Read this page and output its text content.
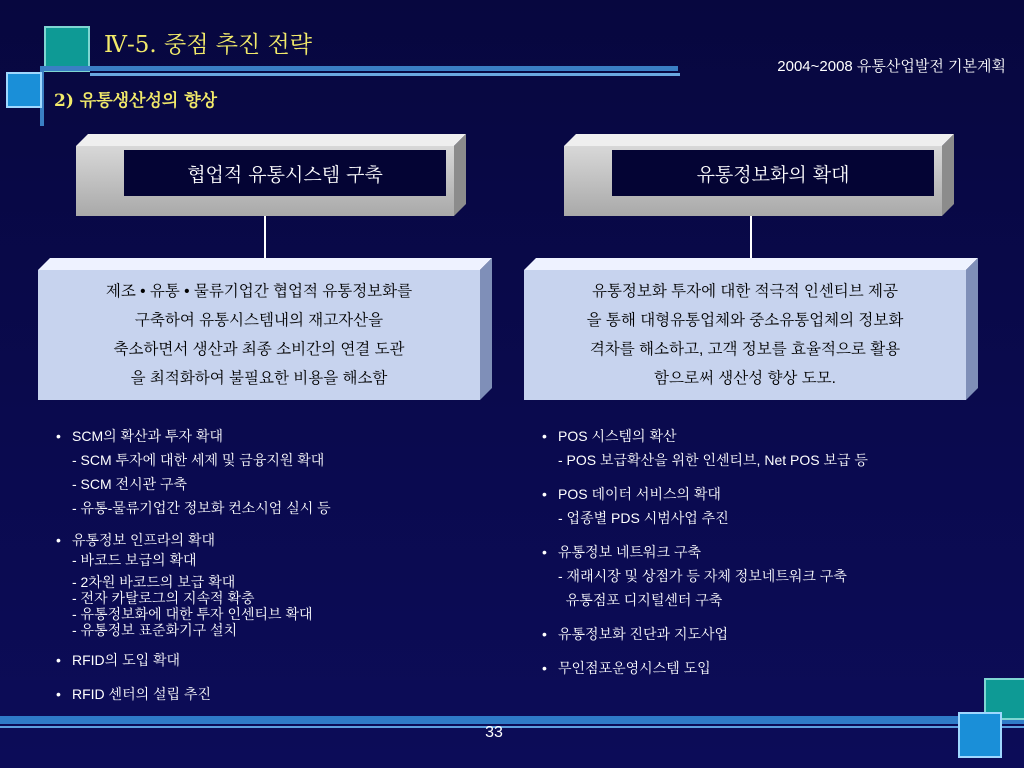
Ⅳ-5. 중점 추진 전략
2004~2008 유통산업발전 기본계획
2) 유통생산성의 향상
협업적 유통시스템 구축	유통정보화의 확대
제조 • 유통 • 물류기업간 협업적 유통정보화를
구축하여 유통시스템내의 재고자산을
축소하면서 생산과 최종 소비간의 연결 도관
을 최적화하여 불필요한 비용을 해소함
유통정보화 투자에 대한 적극적 인센티브 제공
을 통해 대형유통업체와 중소유통업체의 정보화
격차를 해소하고, 고객 정보를 효율적으로 활용
함으로써 생산성 향상 도모.
• SCM의 확산과 투자 확대
- SCM 투자에 대한 세제 및 금융지원 확대
- SCM 전시관 구축
- 유통-물류기업간 정보화 컨소시엄 실시 등
• 유통정보 인프라의 확대
- 바코드 보급의 확대
- 2차원 바코드의 보급 확대
- 전자 카탈로그의 지속적 확충
- 유통정보화에 대한 투자 인센티브 확대
- 유통정보 표준화기구 설치
• RFID의 도입 확대
• RFID 센터의 설립 추진
• POS 시스템의 확산
- POS 보급확산을 위한 인센티브, Net POS 보급 등
• POS 데이터 서비스의 확대
- 업종별 PDS 시범사업 추진
• 유통정보 네트워크 구축
- 재래시장 및 상점가 등 자체 정보네트워크 구축
유통점포 디지털센터 구축
• 유통정보화 진단과 지도사업
• 무인점포운영시스템 도입
33
